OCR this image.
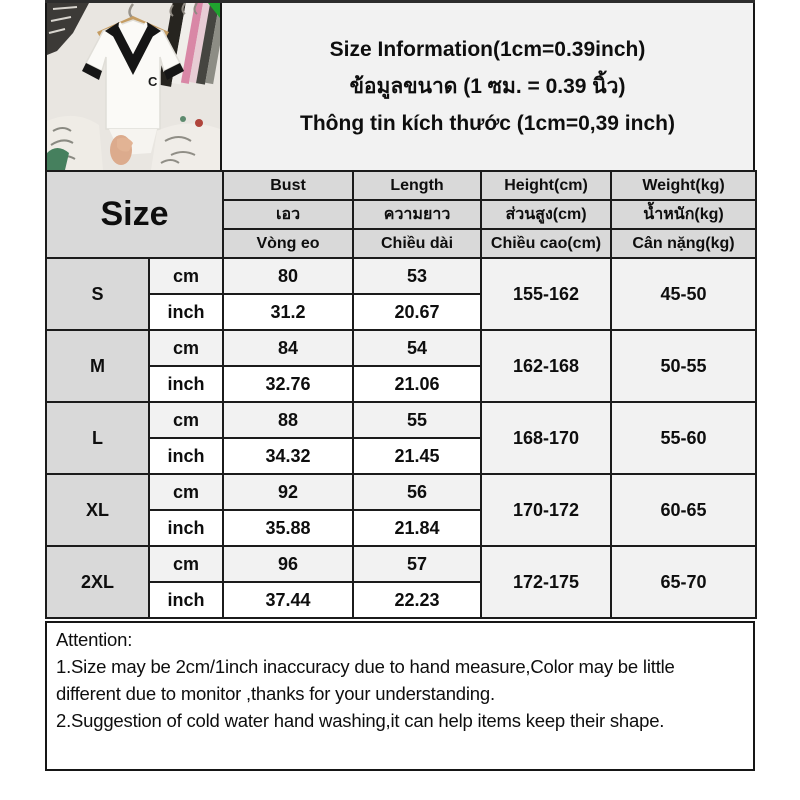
C
Size Information(1cm=0.39inch)
ข้อมูลขนาด (1 ซม. = 0.39 นิ้ว)
Thông tin kích thước (1cm=0,39 inch)
Size		Bust	Length	Height(cm)	Weight(kg)
		เอว	ความยาว	ส่วนสูง(cm)	น้ำหนัก(kg)
		Vòng eo	Chiều dài	Chiều cao(cm)	Cân nặng(kg)
S	cm	80	53	155-162	45-50
	inch	31.2	20.67		
M	cm	84	54	162-168	50-55
	inch	32.76	21.06		
L	cm	88	55	168-170	55-60
	inch	34.32	21.45		
XL	cm	92	56	170-172	60-65
	inch	35.88	21.84		
2XL	cm	96	57	172-175	65-70
	inch	37.44	22.23		
Attention:
1.Size may be 2cm/1inch inaccuracy due to hand measure,Color may be little different due to monitor ,thanks for your understanding.
2.Suggestion of cold water hand washing,it can help items keep their shape.
